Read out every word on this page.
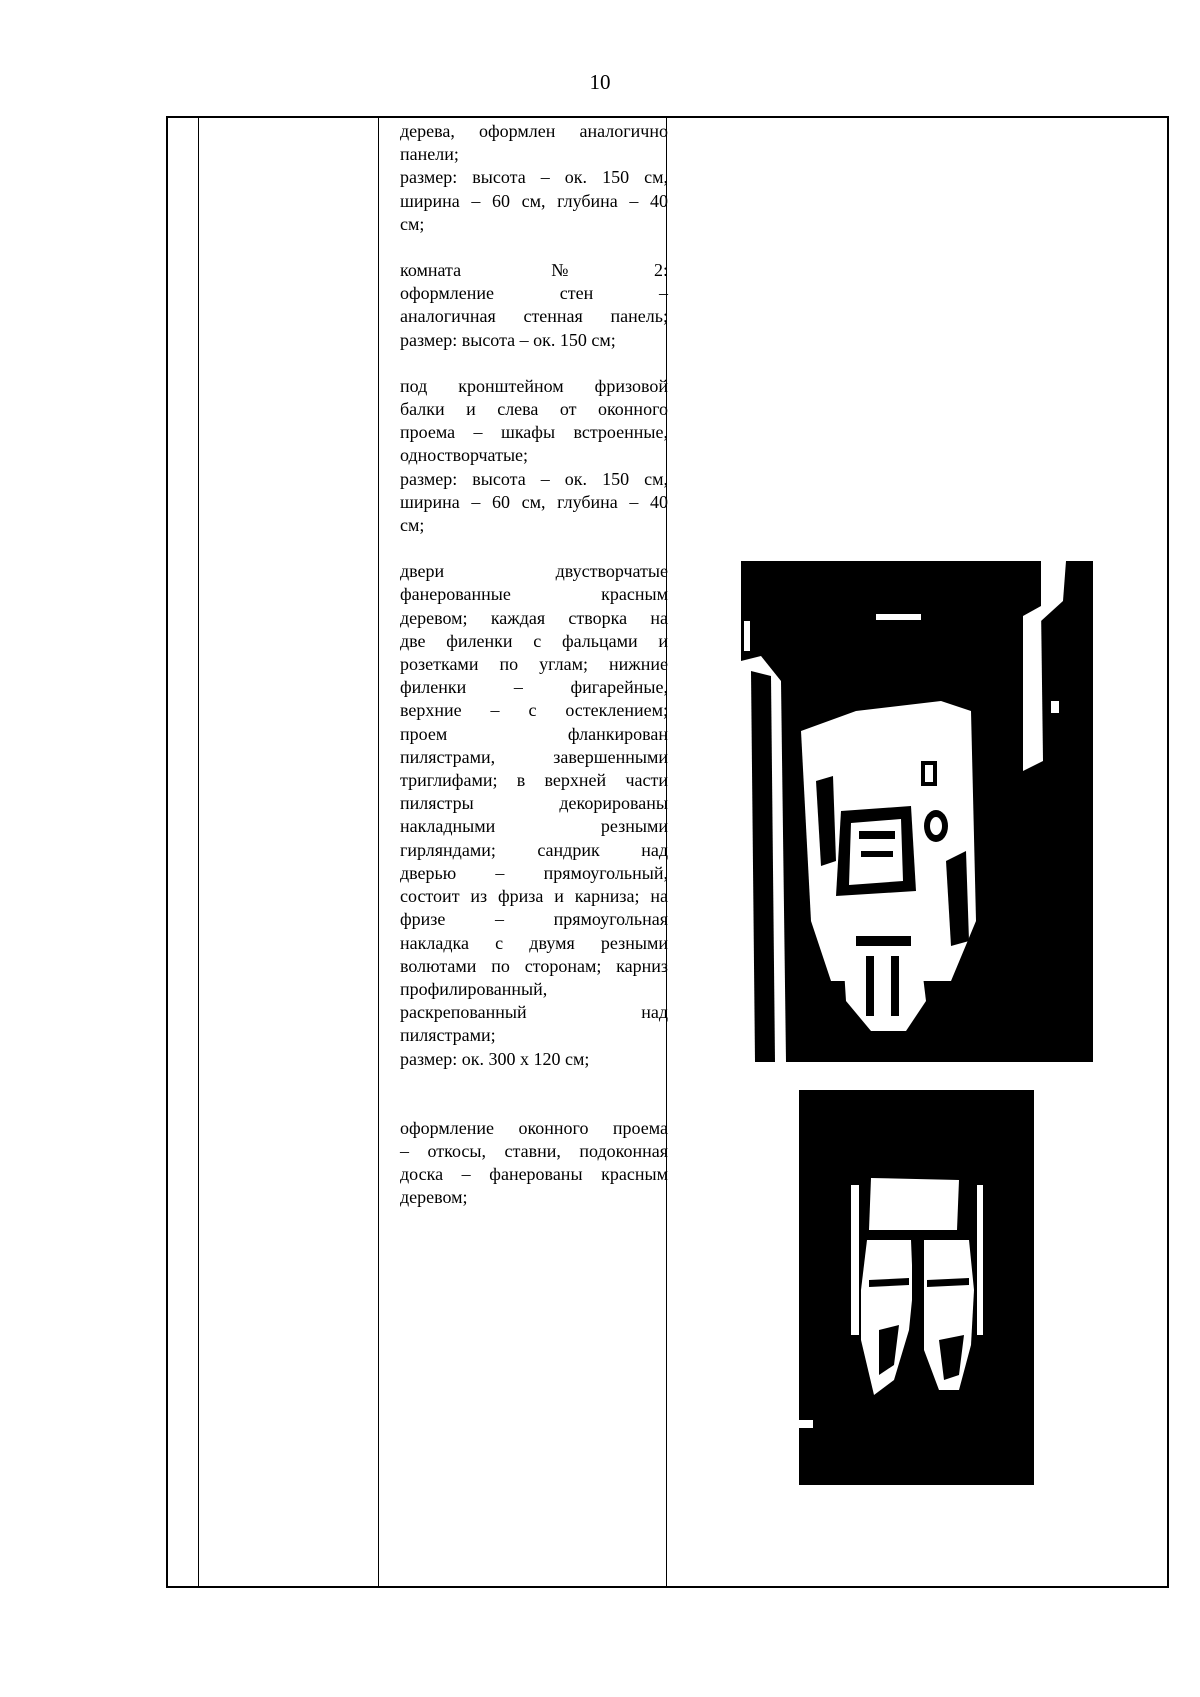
10
дерева, оформлен аналогично
панели;
размер: высота – ок. 150 см,
ширина – 60 см, глубина – 40
см;
комната №2:
оформление стен –
аналогичная стенная панель;
размер: высота – ок. 150 см;
под кронштейном фризовой
балки и слева от оконного
проема – шкафы встроенные,
одностворчатые;
размер: высота – ок. 150 см,
ширина – 60 см, глубина – 40
см;
двери двустворчатые
фанерованные красным
деревом; каждая створка на
две филенки с фальцами и
розетками по углам; нижние
филенки – фигарейные,
верхние – с остеклением;
проем фланкирован
пилястрами, завершенными
триглифами; в верхней части
пилястры декорированы
накладными резными
гирляндами; сандрик над
дверью – прямоугольный,
состоит из фриза и карниза; на
фризе – прямоугольная
накладка с двумя резными
волютами по сторонам; карниз
профилированный,
раскрепованный над
пилястрами;
размер: ок. 300 х 120 см;
оформление оконного проема
– откосы, ставни, подоконная
доска – фанерованы красным
деревом;
